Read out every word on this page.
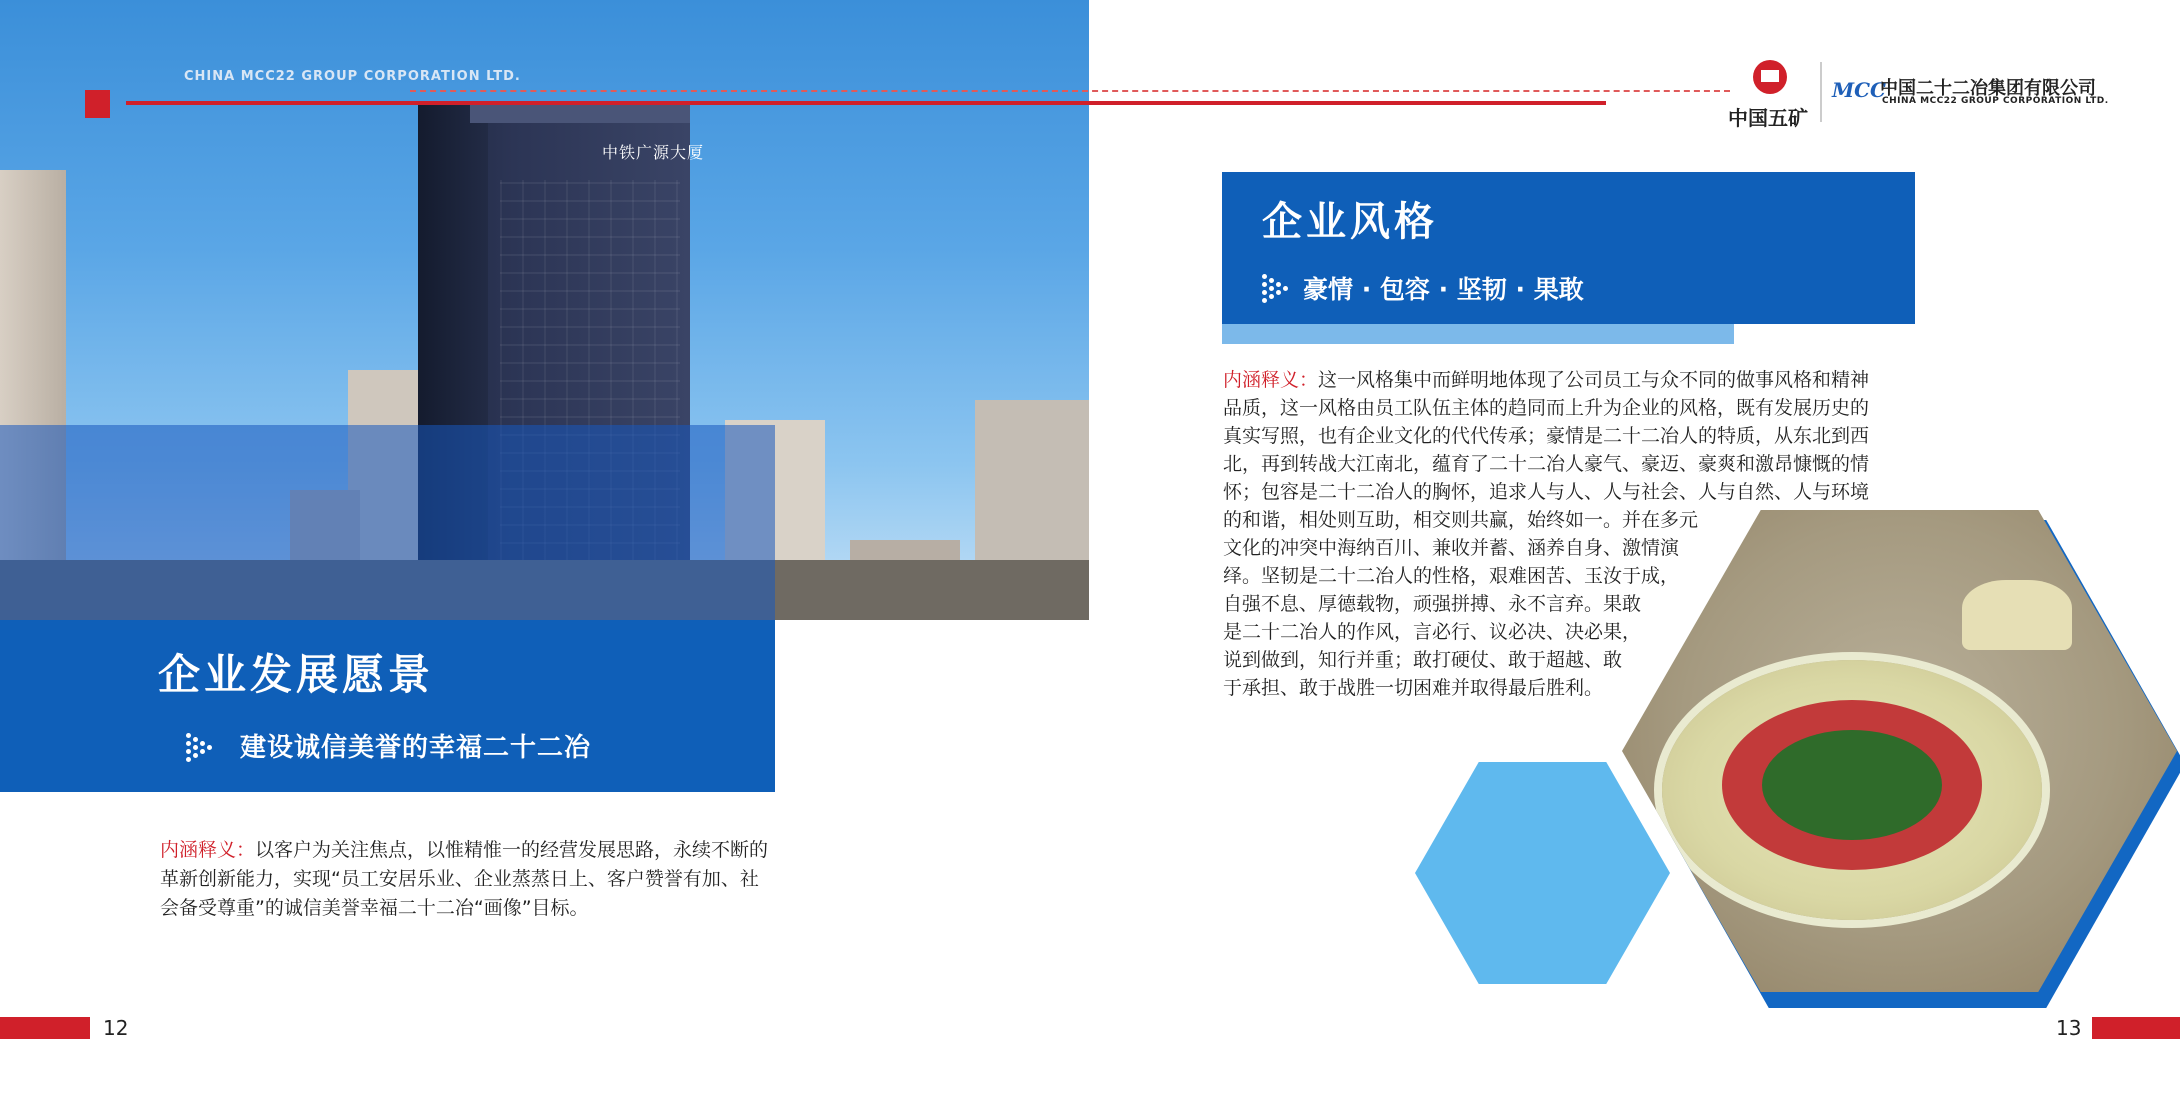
中铁广源大厦
CHINA MCC22 GROUP CORPORATION LTD.
企业发展愿景
建设诚信美誉的幸福二十二冶
内涵释义：以客户为关注焦点，以惟精惟一的经营发展思路，永续不断的革新创新能力，实现“员工安居乐业、企业蒸蒸日上、客户赞誉有加、社会备受尊重”的诚信美誉幸福二十二冶“画像”目标。
12
中国五矿
MCC
中国二十二冶集团有限公司
CHINA MCC22 GROUP CORPORATION LTD.
企业风格
豪情 · 包容 · 坚韧 · 果敢
内涵释义：这一风格集中而鲜明地体现了公司员工与众不同的做事风格和精神
品质，这一风格由员工队伍主体的趋同而上升为企业的风格，既有发展历史的
真实写照，也有企业文化的代代传承；豪情是二十二冶人的特质，从东北到西
北，再到转战大江南北，蕴育了二十二冶人豪气、豪迈、豪爽和激昂慷慨的情
怀；包容是二十二冶人的胸怀，追求人与人、人与社会、人与自然、人与环境
的和谐，相处则互助，相交则共赢，始终如一。并在多元
文化的冲突中海纳百川、兼收并蓄、涵养自身、激情演
绎。坚韧是二十二冶人的性格，艰难困苦、玉汝于成，
自强不息、厚德载物，顽强拼搏、永不言弃。果敢
是二十二冶人的作风，言必行、议必决、决必果，
说到做到，知行并重；敢打硬仗、敢于超越、敢
于承担、敢于战胜一切困难并取得最后胜利。
13
